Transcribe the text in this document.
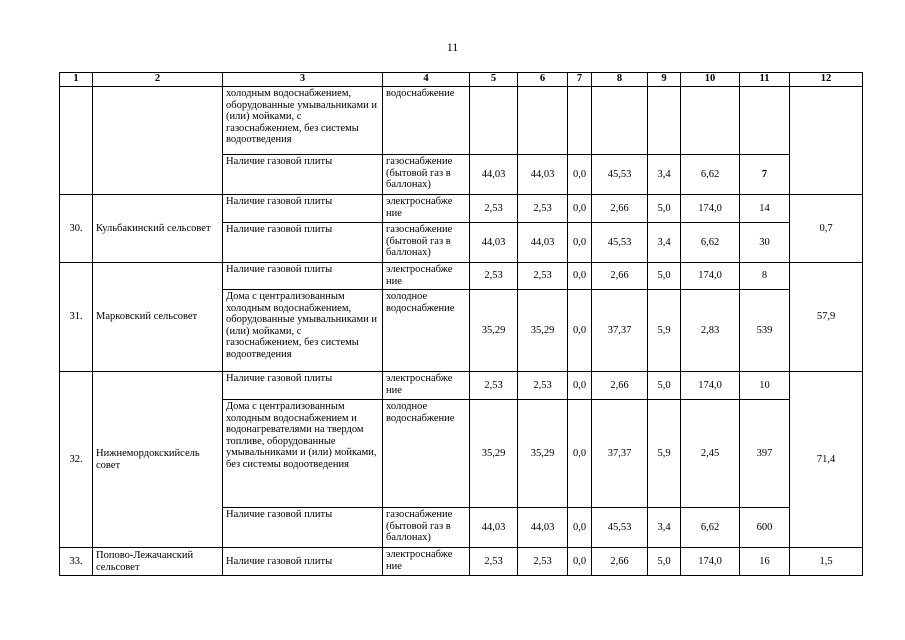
11
1	2	3	4	5	6	7	8	9	10	11	12
		холодным водоснабжением, оборудованные умывальниками и (или) мойками, с газоснабжением, без системы водоотведения	водоснабжение								
		Наличие газовой плиты	газоснабжение (бытовой газ в баллонах)	44,03	44,03	0,0	45,53	3,4	6,62	7	
30.	Кульбакинский сельсовет	Наличие газовой плиты	электроснабже ние	2,53	2,53	0,0	2,66	5,0	174,0	14	0,7
		Наличие газовой плиты	газоснабжение (бытовой газ в баллонах)	44,03	44,03	0,0	45,53	3,4	6,62	30	
31.	Марковский сельсовет	Наличие газовой плиты	электроснабже ние	2,53	2,53	0,0	2,66	5,0	174,0	8	57,9
		Дома с централизованным холодным водоснабжением, оборудованные умывальниками и (или) мойками, с газоснабжением, без системы водоотведения	холодное водоснабжение	35,29	35,29	0,0	37,37	5,9	2,83	539	
32.	Нижнемордокскийсель совет	Наличие газовой плиты	электроснабже ние	2,53	2,53	0,0	2,66	5,0	174,0	10	71,4
		Дома с централизованным холодным водоснабжением и водонагревателями на твердом топливе, оборудованные умывальниками и (или) мойками, без системы водоотведения	холодное водоснабжение	35,29	35,29	0,0	37,37	5,9	2,45	397	
		Наличие газовой плиты	газоснабжение (бытовой газ в баллонах)	44,03	44,03	0,0	45,53	3,4	6,62	600	
33.	Попово-Лежачанский сельсовет	Наличие газовой плиты	электроснабже ние	2,53	2,53	0,0	2,66	5,0	174,0	16	1,5
